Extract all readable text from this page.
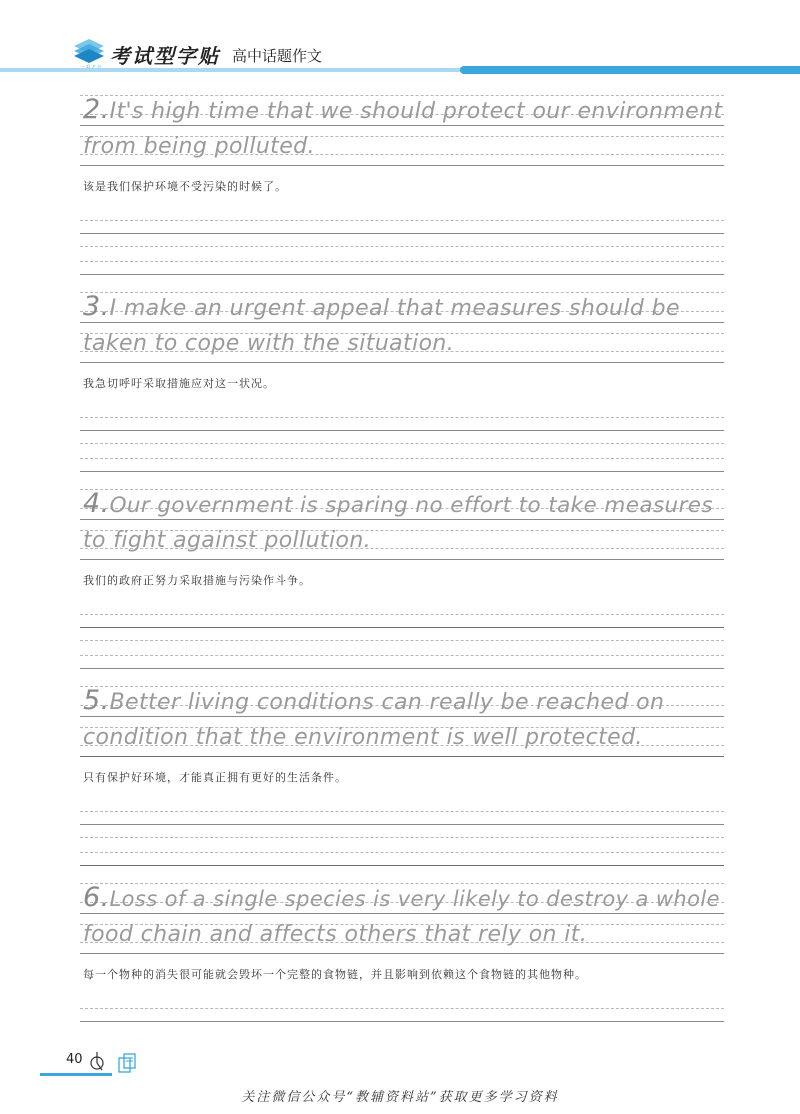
考试型字贴 高中话题作文
2.It's high time that we should protect our environment
from being polluted.
该是我们保护环境不受污染的时候了。
3.I make an urgent appeal that measures should be
taken to cope with the situation.
我急切呼吁采取措施应对这一状况。
4.Our government is sparing no effort to take measures
to fight against pollution.
我们的政府正努力采取措施与污染作斗争。
5.Better living conditions can really be reached on
condition that the environment is well protected.
只有保护好环境，才能真正拥有更好的生活条件。
6.Loss of a single species is very likely to destroy a whole
food chain and affects others that rely on it.
每一个物种的消失很可能就会毁坏一个完整的食物链，并且影响到依赖这个食物链的其他物种。
40
关注微信公众号“教辅资料站”获取更多学习资料
